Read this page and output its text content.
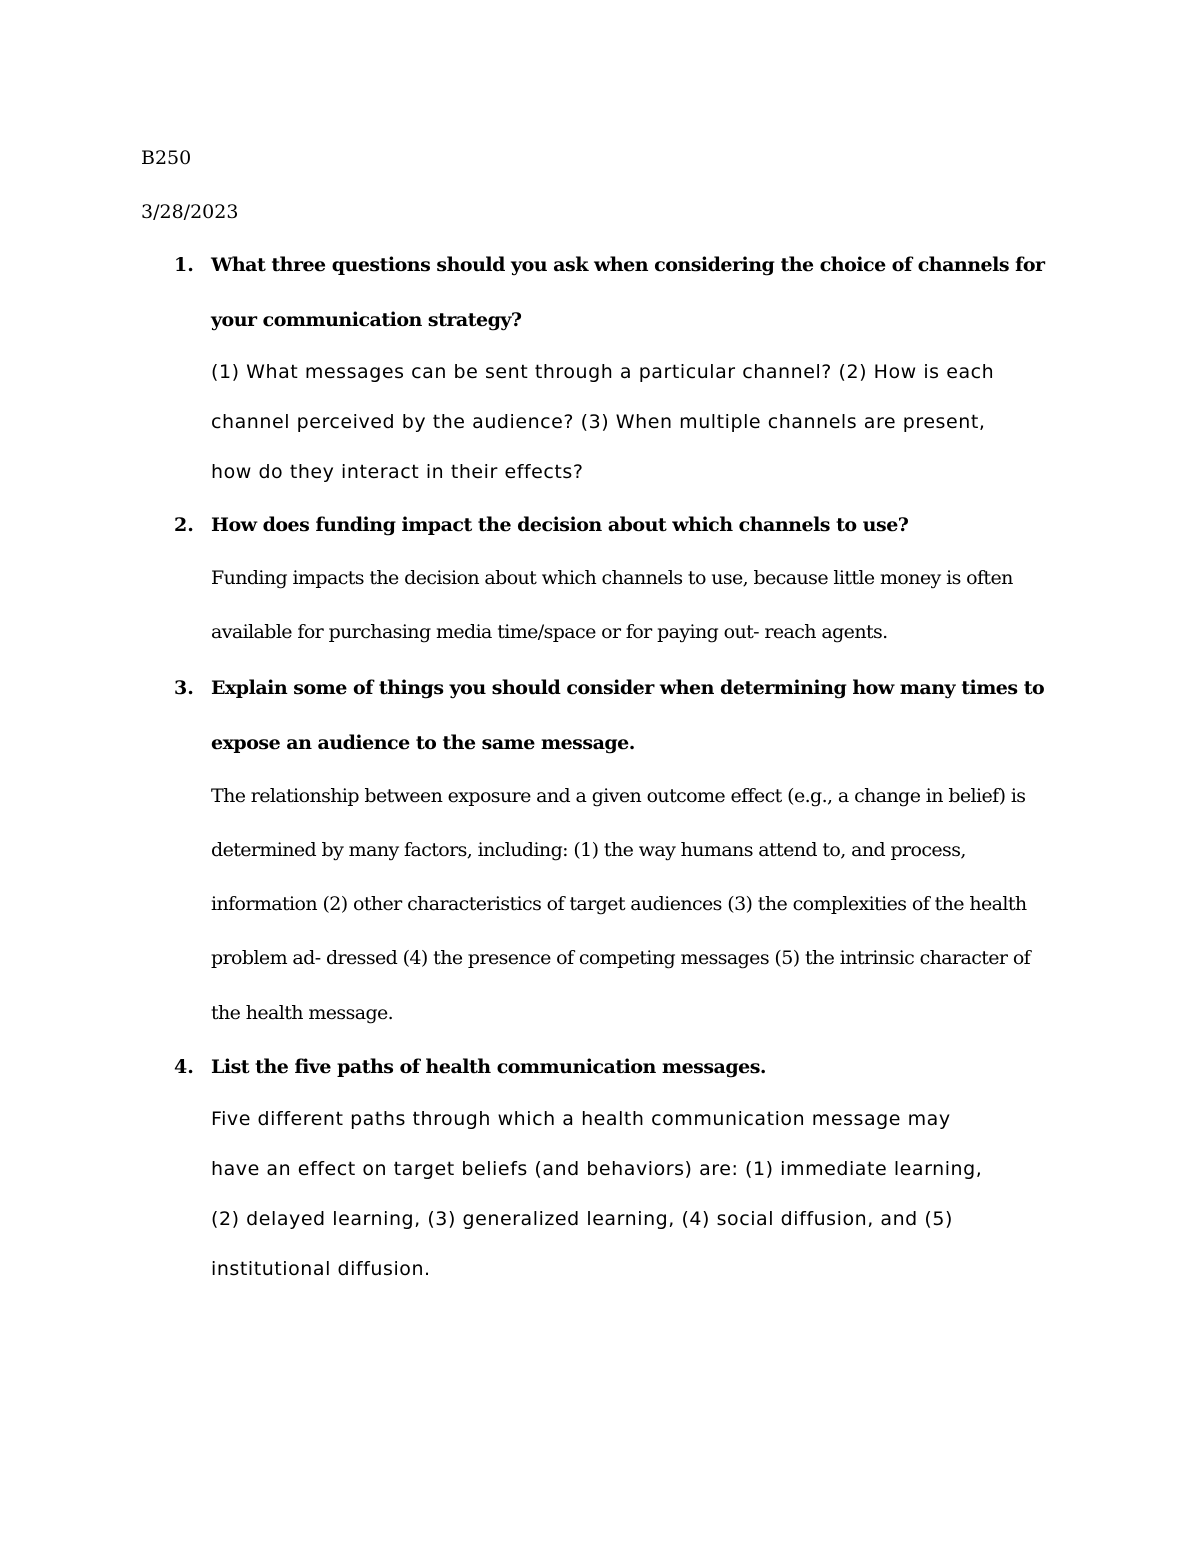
B250
3/28/2023
1. What three questions should you ask when considering the choice of channels for
your communication strategy?
(1) What messages can be sent through a particular channel? (2) How is each
channel perceived by the audience? (3) When multiple channels are present,
how do they interact in their effects?
2. How does funding impact the decision about which channels to use?
Funding impacts the decision about which channels to use, because little money is often
available for purchasing media time/space or for paying out- reach agents.
3. Explain some of things you should consider when determining how many times to
expose an audience to the same message.
The relationship between exposure and a given outcome effect (e.g., a change in belief) is
determined by many factors, including: (1) the way humans attend to, and process,
information (2) other characteristics of target audiences (3) the complexities of the health
problem ad- dressed (4) the presence of competing messages (5) the intrinsic character of
the health message.
4. List the five paths of health communication messages.
Five different paths through which a health communication message may
have an effect on target beliefs (and behaviors) are: (1) immediate learning,
(2) delayed learning, (3) generalized learning, (4) social diffusion, and (5)
institutional diffusion.
